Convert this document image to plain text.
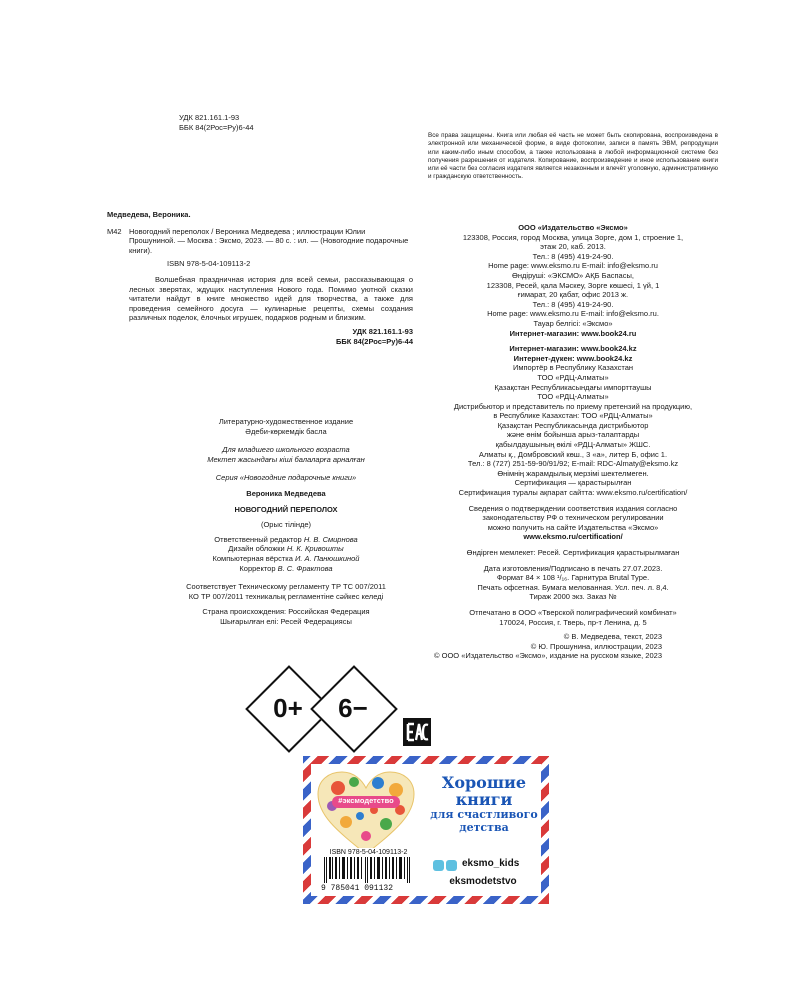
УДК 821.161.1-93
ББК 84(2Рос=Ру)6-44
Все права защищены. Книга или любая её часть не может быть скопирована, воспроизведена в электронной или механической форме, в виде фотокопии, записи в память ЭВМ, репродукции или каким-либо иным способом, а также использована в любой информационной системе без получения разрешения от издателя. Копирование, воспроизведение и иное использование книги или её части без согласия издателя является незаконным и влечёт уголовную, административную и гражданскую ответственность.
Медведева, Вероника.
М42 Новогодний переполох / Вероника Медведева ; иллюстрации Юлии
Прошуниной. — Москва : Эксмо, 2023. — 80 с. : ил. — (Новогодние подарочные книги).
ISBN 978-5-04-109113-2
Волшебная праздничная история для всей семьи, рассказывающая о лесных зверятах, ждущих наступления Нового года. Помимо уютной сказки читатели найдут в книге множество идей для творчества, а также для проведения семейного досуга — кулинарные рецепты, схемы создания различных поделок, ёлочных игрушек, подарков родным и близким.
УДК 821.161.1-93
ББК 84(2Рос=Ру)6-44
ООО «Издательство «Эксмо»
123308, Россия, город Москва, улица Зорге, дом 1, строение 1,
этаж 20, каб. 2013.
Тел.: 8 (495) 419-24-90.
Home page: www.eksmo.ru E-mail: info@eksmo.ru
Өндіруші: «ЭКСМО» АҚБ Баспасы,
123308, Ресей, қала Мәскеу, Зорге көшесі, 1 үй, 1
ғимарат, 20 қабат, офис 2013 ж.
Тел.: 8 (495) 419-24-90.
Home page: www.eksmo.ru E-mail: info@eksmo.ru.
Тауар белгісі: «Эксмо»
Интернет-магазин: www.book24.ru
Интернет-магазин: www.book24.kz
Интернет-дүкен: www.book24.kz
Импортёр в Республику Казахстан
ТОО «РДЦ-Алматы»
Қазақстан Республикасындағы импорттаушы
ТОО «РДЦ-Алматы»
Дистрибьютор и представитель по приему претензий на продукцию,
в Республике Казахстан: ТОО «РДЦ-Алматы»
Қазақстан Республикасында дистрибьютор
және өнім бойынша арыз-талаптарды
қабылдаушының өкілі «РДЦ-Алматы» ЖШС.
Алматы қ., Домбровский көш., 3 «а», литер Б, офис 1.
Тел.: 8 (727) 251-59-90/91/92; E-mail: RDC-Almaty@eksmo.kz
Өнімнің жарамдылық мерзімі шектелмеген.
Сертификация — қарастырылған
Сертификация туралы ақпарат сайтта: www.eksmo.ru/certification/
Сведения о подтверждении соответствия издания согласно
законодательству РФ о техническом регулировании
можно получить на сайте Издательства «Эксмо»
www.eksmo.ru/certification/
Өндірген мемлекет: Ресей. Сертификация қарастырылмаған
Дата изготовления/Подписано в печать 27.07.2023.
Формат 84 × 108 ¹/₁₆. Гарнитура Brutal Type.
Печать офсетная. Бумага мелованная. Усл. печ. л. 8,4.
Тираж 2000 экз. Заказ №
Отпечатано в ООО «Тверской полиграфический комбинат»
170024, Россия, г. Тверь, пр-т Ленина, д. 5
Литературно-художественное издание
Әдеби-көркемдік басла
Для младшего школьного возраста
Мектеп жасындағы кіші балаларға арналған
Серия «Новогодние подарочные книги»
Вероника Медведева
НОВОГОДНИЙ ПЕРЕПОЛОХ
(Орыс тілінде)
Ответственный редактор Н. В. Смирнова
Дизайн обложки Н. К. Кривошты
Компьютерная вёрстка И. А. Панюшкиной
Корректор В. С. Фрактова
Соответствует Техническому регламенту ТР ТС 007/2011
КО ТР 007/2011 техникалық регламентіне сәйкес келеді
Страна происхождения: Российская Федерация
Шығарылған елі: Ресей Федерациясы
© В. Медведева, текст, 2023
© Ю. Прошунина, иллюстрации, 2023
© ООО «Издательство «Эксмо», издание на русском языке, 2023
0+	6−
#эксмодетство
Хорошие
книги
для счастливого
детства
ISBN 978-5-04-109113-2
9 785041 091132
eksmo_kids
eksmodetstvo
